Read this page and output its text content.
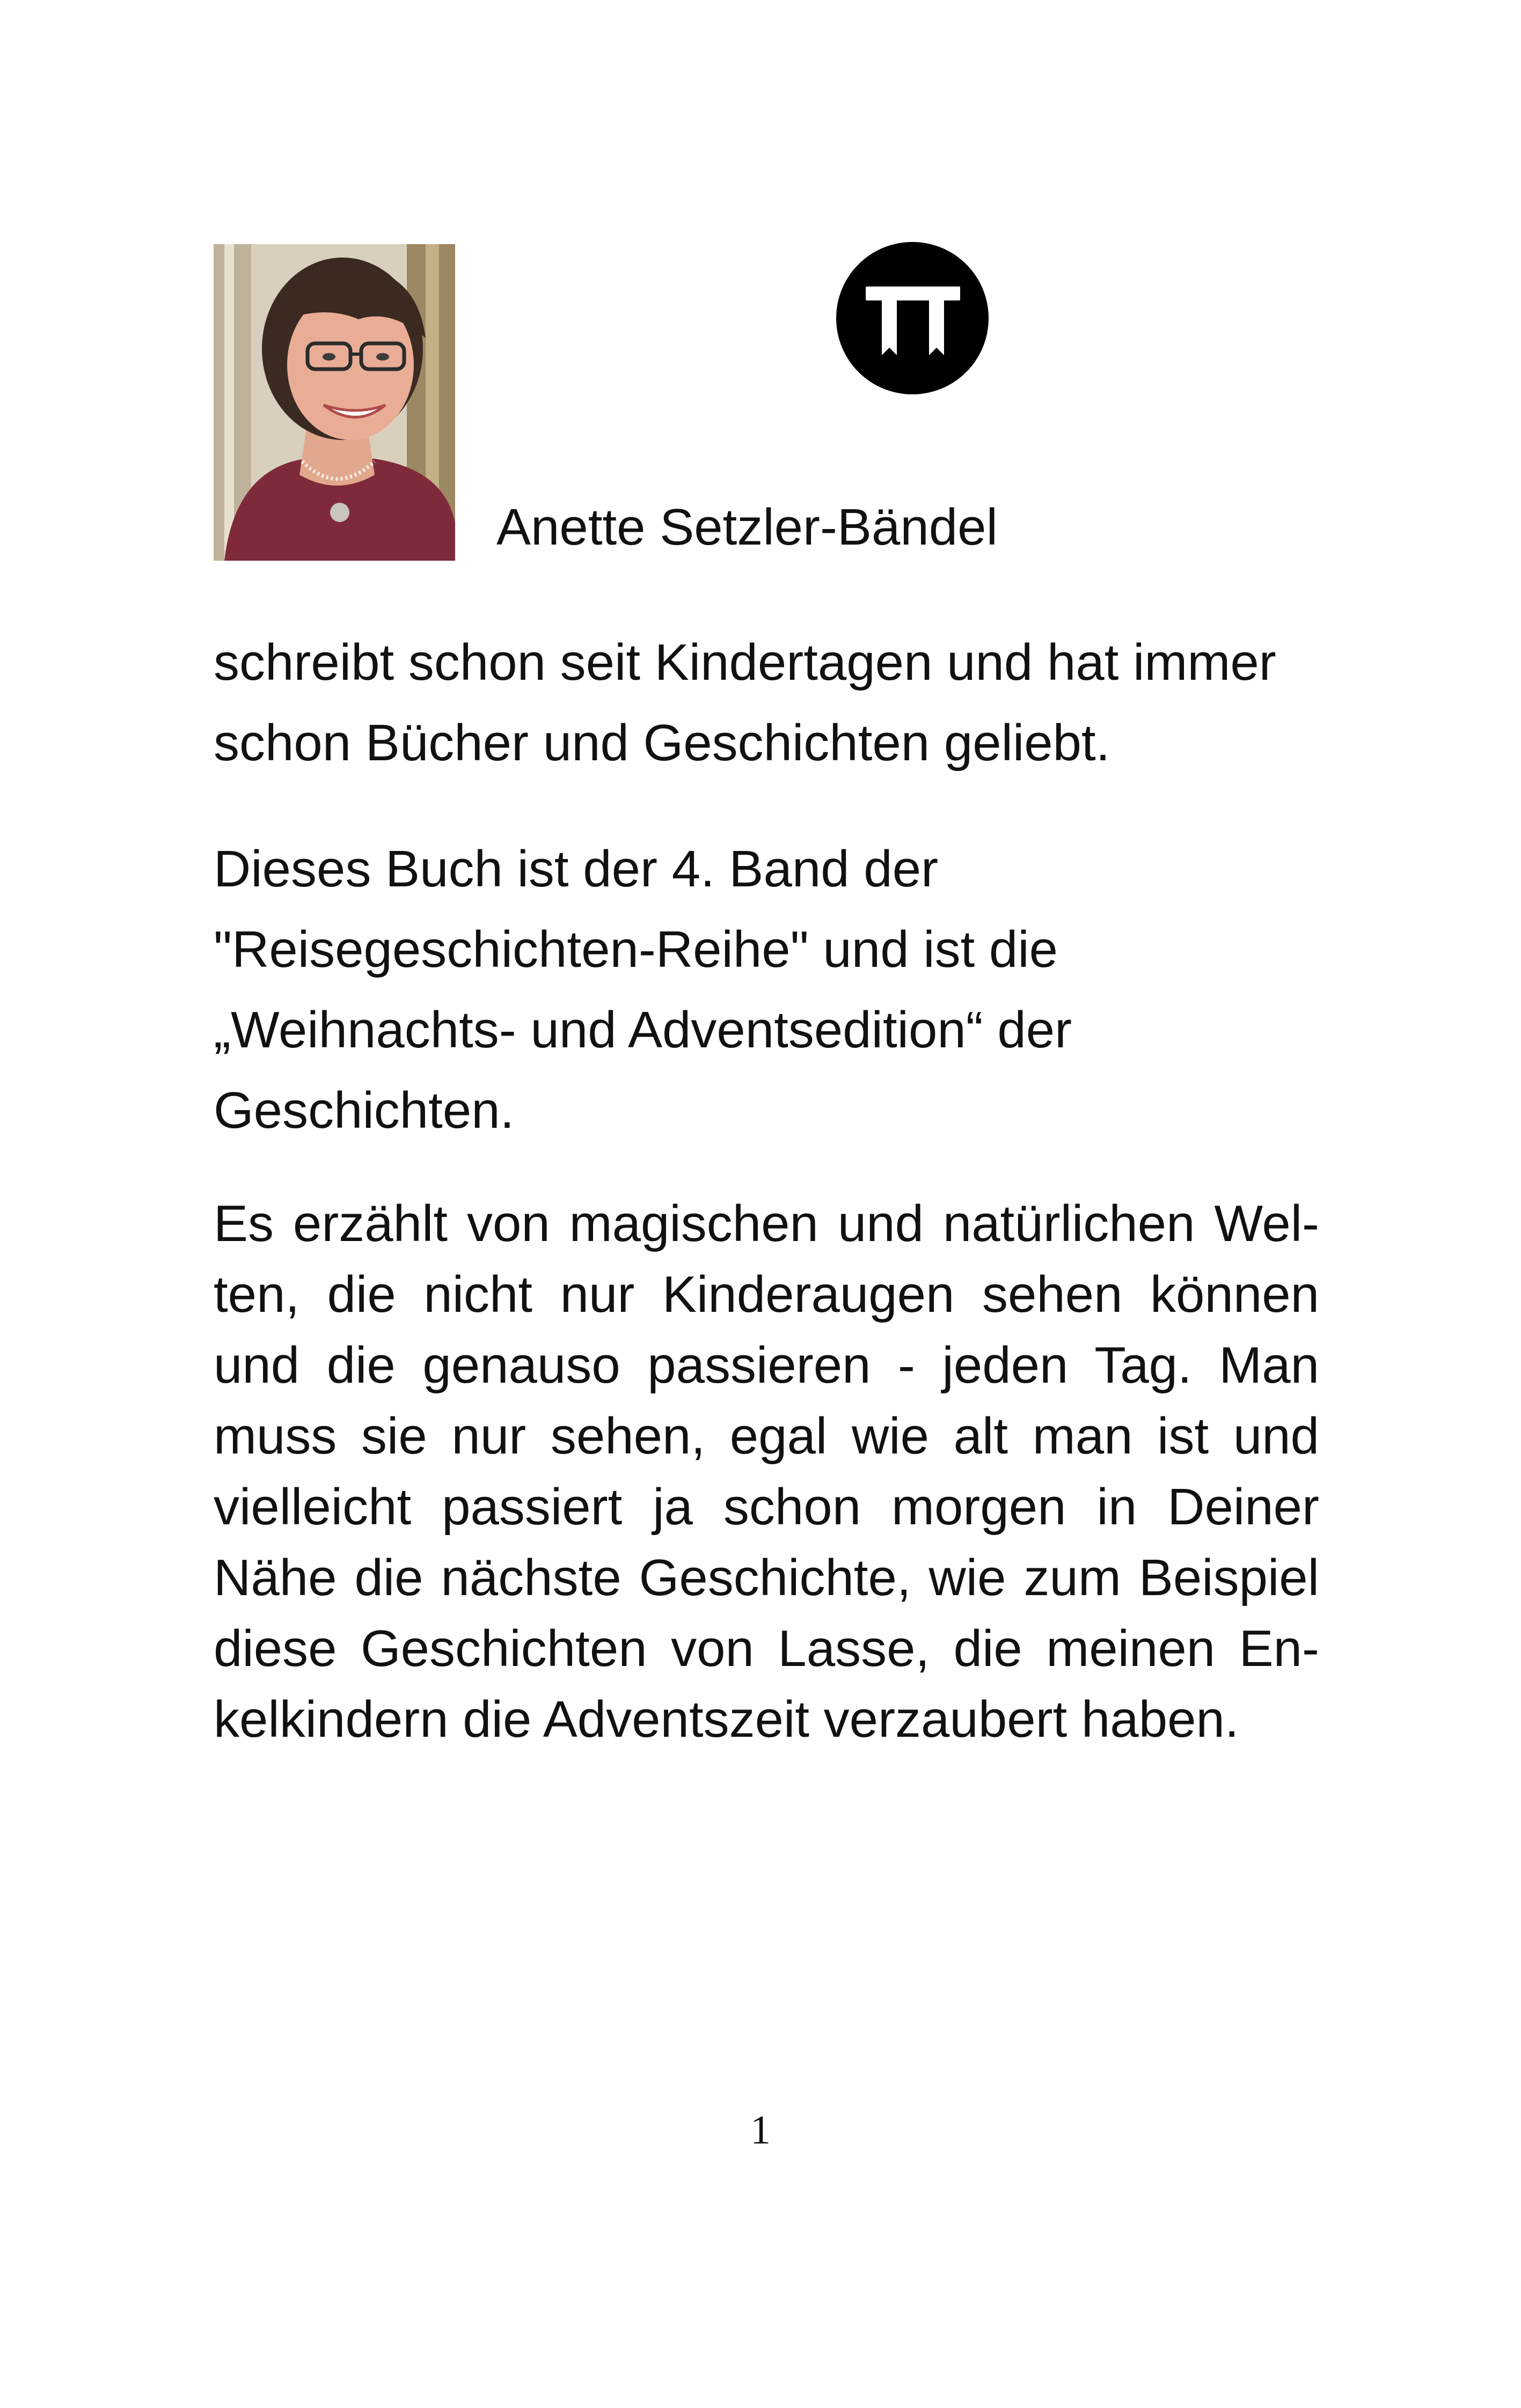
Anette Setzler-Bändel

schreibt schon seit Kindertagen und hat immer schon Bücher und Geschichten geliebt.

Dieses Buch ist der 4. Band der "Reisegeschichten-Reihe" und ist die „Weihnachts- und Adventsedition“ der Geschichten.

Es erzählt von magischen und natürlichen Welten, die nicht nur Kinderaugen sehen können und die genauso passieren - jeden Tag. Man muss sie nur sehen, egal wie alt man ist und vielleicht passiert ja schon morgen in Deiner Nähe die nächste Geschichte, wie zum Beispiel diese Geschichten von Lasse, die meinen Enkelkindern die Adventszeit verzaubert haben.

1
